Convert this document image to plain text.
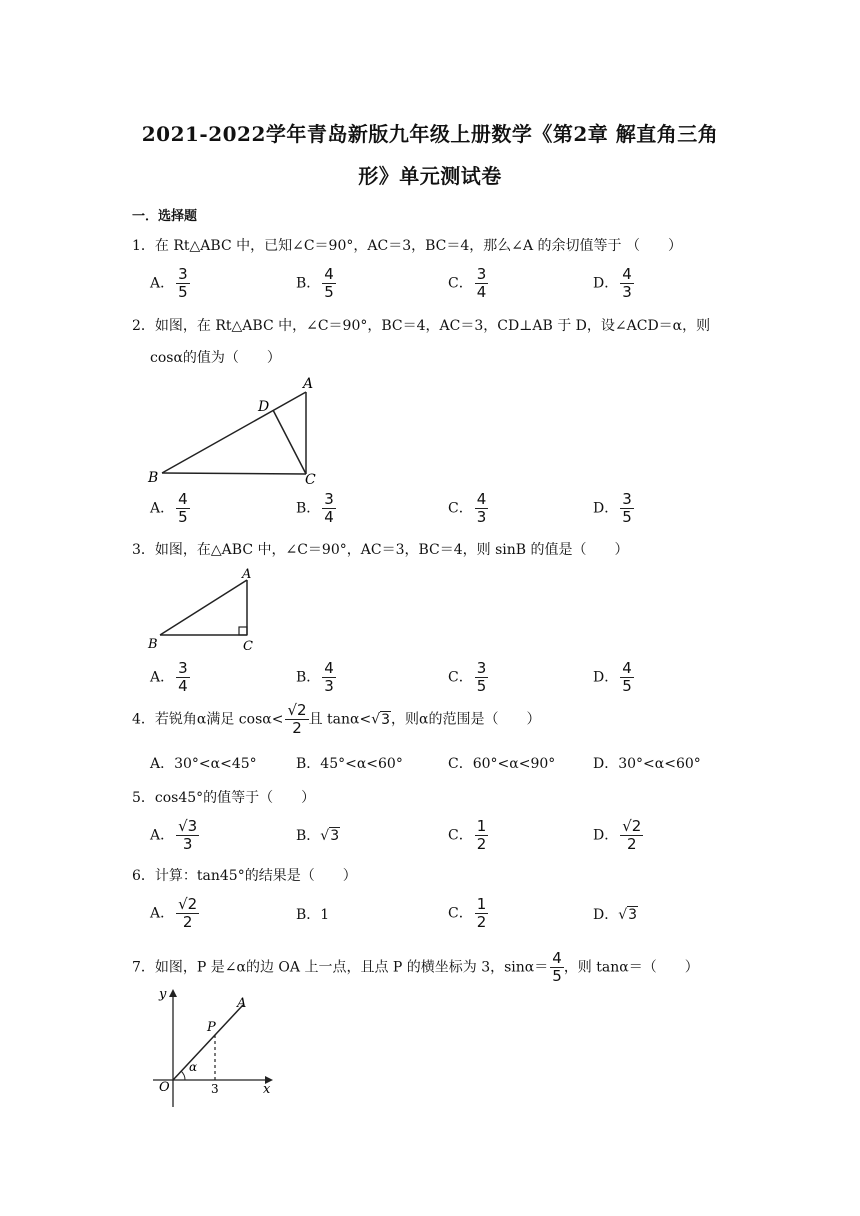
2021-2022学年青岛新版九年级上册数学《第2章 解直角三角
形》单元测试卷
一．选择题
1．在 Rt△ABC 中，已知∠C＝90°，AC＝3，BC＝4，那么∠A 的余切值等于 （　　）
A． $\frac{3}{5}$	B． $\frac{4}{5}$	C． $\frac{3}{4}$	D． $\frac{4}{3}$
2．如图，在 Rt△ABC 中，∠C＝90°，BC＝4，AC＝3，CD⊥AB 于 D，设∠ACD＝α，则
cosα的值为（　　）
A
B	C
D
A． $\frac{4}{5}$	B． $\frac{3}{4}$	C． $\frac{4}{3}$	D． $\frac{3}{5}$
3．如图，在△ABC 中，∠C＝90°，AC＝3，BC＝4，则 sinB 的值是（　　）
A
B	C
A． $\frac{3}{4}$	B． $\frac{4}{3}$	C． $\frac{3}{5}$	D． $\frac{4}{5}$
4．若锐角α满足 $\cos\alpha< \frac{√2}{2}$ 且 tanα<√3，则α的范围是（　　）
A．30°<α<45°	B．45°<α<60°	C．60°<α<90°	D．30°<α<60°
5．cos45°的值等于（　　）
A． $\frac{√3}{3}$	B．√3	C． $\frac{1}{2}$	D． $\frac{√2}{2}$
6．计算：tan45°的结果是（　　）
A． $\frac{√2}{2}$	B．1	C． $\frac{1}{2}$	D．√3
7．如图，P 是∠α的边 OA 上一点，且点 P 的横坐标为 3，$\sin\alpha= \frac{4}{5}$ ，则 tanα＝（　　）
y
A
P
α
O	3	x
